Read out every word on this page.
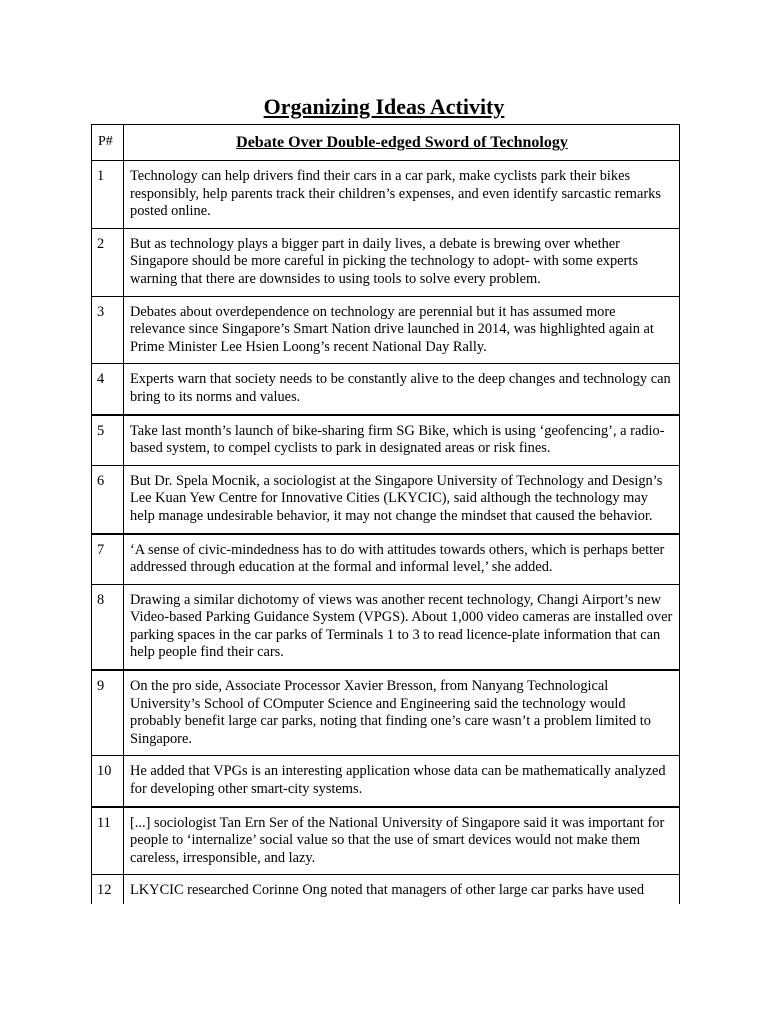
Organizing Ideas Activity
P#	Debate Over Double-edged Sword of Technology
1	Technology can help drivers find their cars in a car park, make cyclists park their bikes responsibly, help parents track their children’s expenses, and even identify sarcastic remarks posted online.
2	But as technology plays a bigger part in daily lives, a debate is brewing over whether Singapore should be more careful in picking the technology to adopt- with some experts warning that there are downsides to using tools to solve every problem.
3	Debates about overdependence on technology are perennial but it has assumed more relevance since Singapore’s Smart Nation drive launched in 2014, was highlighted again at Prime Minister Lee Hsien Loong’s recent National Day Rally.
4	Experts warn that society needs to be constantly alive to the deep changes and technology can bring to its norms and values.
5	Take last month’s launch of bike-sharing firm SG Bike, which is using ‘geofencing’, a radio-based system, to compel cyclists to park in designated areas or risk fines.
6	But Dr. Spela Mocnik, a sociologist at the Singapore University of Technology and Design’s Lee Kuan Yew Centre for Innovative Cities (LKYCIC), said although the technology may help manage undesirable behavior, it may not change the mindset that caused the behavior.
7	‘A sense of civic-mindedness has to do with attitudes towards others, which is perhaps better addressed through education at the formal and informal level,’ she added.
8	Drawing a similar dichotomy of views was another recent technology, Changi Airport’s new Video-based Parking Guidance System (VPGS). About 1,000 video cameras are installed over parking spaces in the car parks of Terminals 1 to 3 to read licence-plate information that can help people find their cars.
9	On the pro side, Associate Processor Xavier Bresson, from Nanyang Technological University’s School of COmputer Science and Engineering said the technology would probably benefit large car parks, noting that finding one’s care wasn’t a problem limited to Singapore.
10	He added that VPGs is an interesting application whose data can be mathematically analyzed for developing other smart-city systems.
11	[...] sociologist Tan Ern Ser of the National University of Singapore said it was important for people to ‘internalize’ social value so that the use of smart devices would not make them careless, irresponsible, and lazy.
12	LKYCIC researched Corinne Ong noted that managers of other large car parks have used
